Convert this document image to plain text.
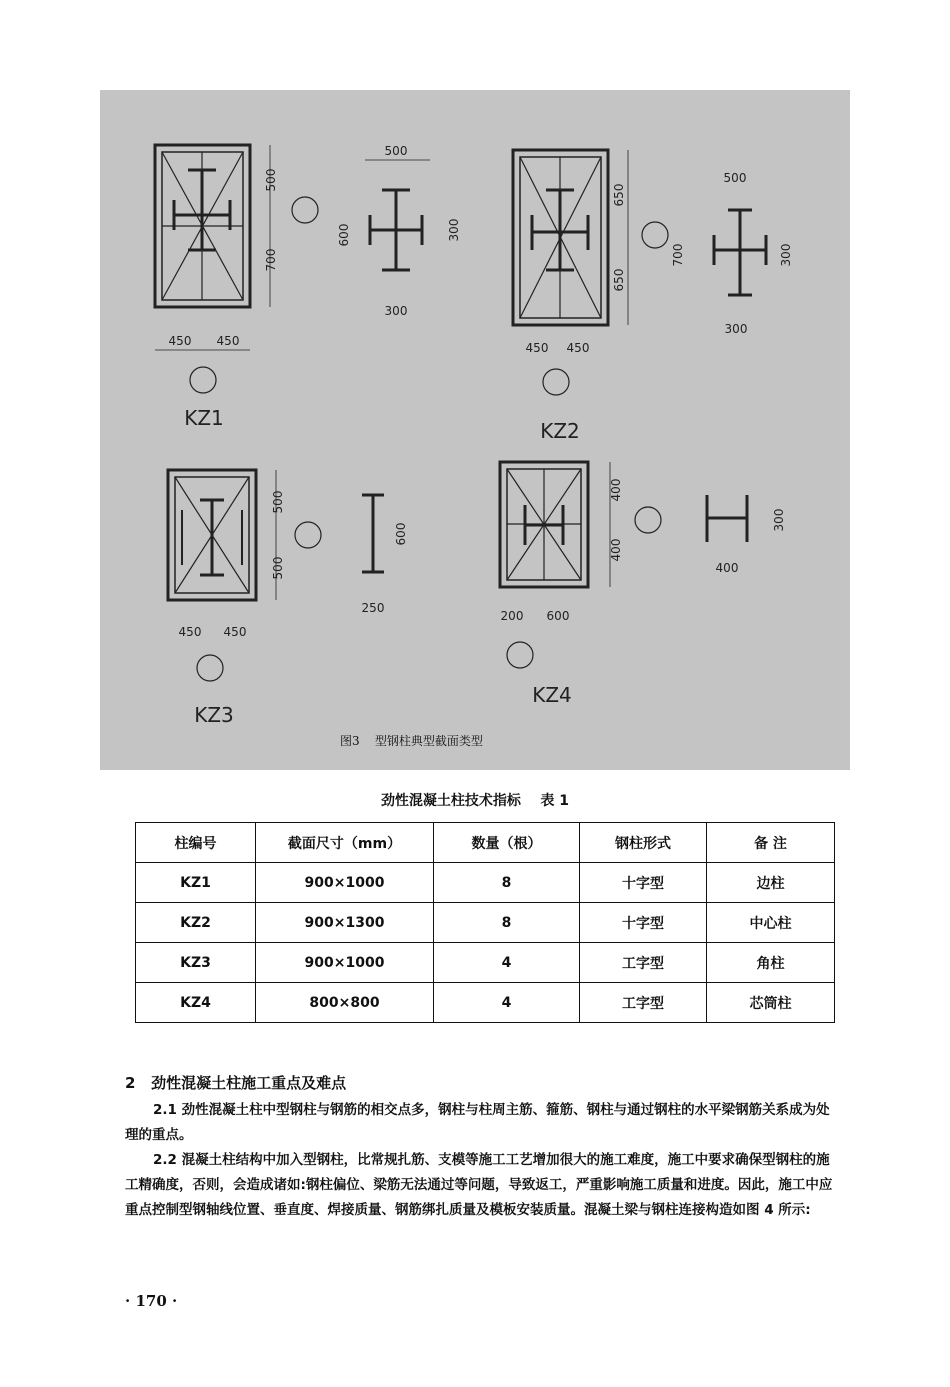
500
700
450 450
500
600	300
300
KZ1
650
650
450 450
500
700	300
300
KZ2
500
500
450 450
600
250
KZ3
400
400
200 600
300
400
KZ4
图3    型钢柱典型截面类型
劲性混凝土柱技术指标    表 1
柱编号	截面尺寸（mm）	数量（根）	钢柱形式	备 注
KZ1	900×1000	8	十字型	边柱
KZ2	900×1300	8	十字型	中心柱
KZ3	900×1000	4	工字型	角柱
KZ4	800×800	4	工字型	芯筒柱
2   劲性混凝土柱施工重点及难点

2.1 劲性混凝土柱中型钢柱与钢筋的相交点多，钢柱与柱周主筋、箍筋、钢柱与通过钢柱的水平梁钢筋关系成为处理的重点。

2.2 混凝土柱结构中加入型钢柱，比常规扎筋、支模等施工工艺增加很大的施工难度，施工中要求确保型钢柱的施工精确度，否则，会造成诸如:钢柱偏位、梁筋无法通过等问题，导致返工，严重影响施工质量和进度。因此，施工中应重点控制型钢轴线位置、垂直度、焊接质量、钢筋绑扎质量及模板安装质量。混凝土梁与钢柱连接构造如图 4 所示:

· 170 ·
